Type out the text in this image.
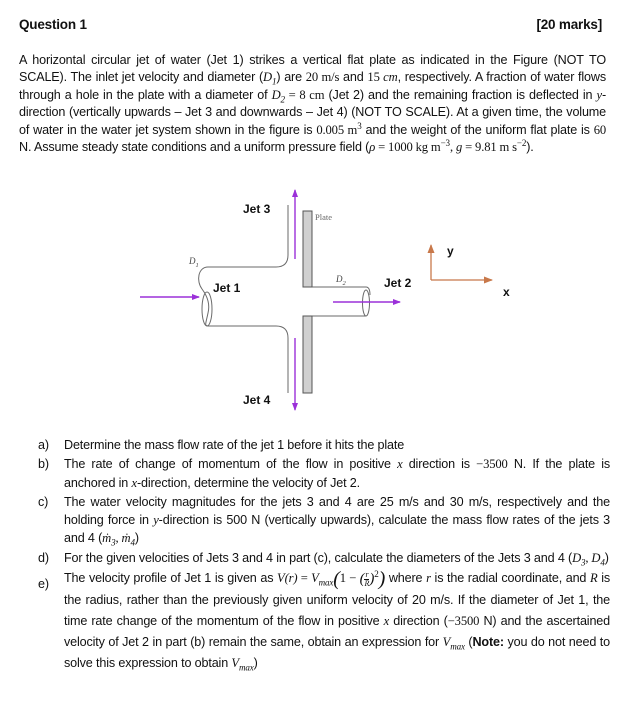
Question 1	[20 marks]
A horizontal circular jet of water (Jet 1) strikes a vertical flat plate as indicated in the Figure (NOT TO SCALE). The inlet jet velocity and diameter $(D_1)$ are 20 m/s and 15 cm, respectively. A fraction of water flows through a hole in the plate with a diameter of $D_2 = 8$ cm (Jet 2) and the remaining fraction is deflected in y-direction (vertically upwards – Jet 3 and downwards – Jet 4) (NOT TO SCALE). At a given time, the volume of water in the water jet system shown in the figure is 0.005 $m^3$ and the weight of the uniform flat plate is 60 N. Assume steady state conditions and a uniform pressure field (ρ = 1000 kg $m^{-3}$, g = 9.81 m $s^{-2}$).
Jet 3
Jet 1	Jet 2
Jet 4
Plate
$D_1$
$D_2$
y
x
a)	Determine the mass flow rate of the jet 1 before it hits the plate
b)	The rate of change of momentum of the flow in positive x direction is −3500 N. If the plate is anchored in x-direction, determine the velocity of Jet 2.
c)	The water velocity magnitudes for the jets 3 and 4 are 25 m/s and 30 m/s, respectively and the holding force in y-direction is 500 N (vertically upwards), calculate the mass flow rates of the jets 3 and 4 (ṁ$_3$, ṁ$_4$)
d)	For the given velocities of Jets 3 and 4 in part (c), calculate the diameters of the Jets 3 and 4 ($D_3$, $D_4$)
e)	The velocity profile of Jet 1 is given as $V(r) = V_{max}(1$ − ( $\frac{r}{R} )^2$) where r is the radial coordinate, and R is the radius, rather than the previously given uniform velocity of 20 m/s. If the diameter of Jet 1, the time rate change of the momentum of the flow in positive x direction (−3500 N) and the ascertained velocity of Jet 2 in part (b) remain the same, obtain an expression for $V_{max}$ (Note: you do not need to solve this expression to obtain $V_{max}$)
